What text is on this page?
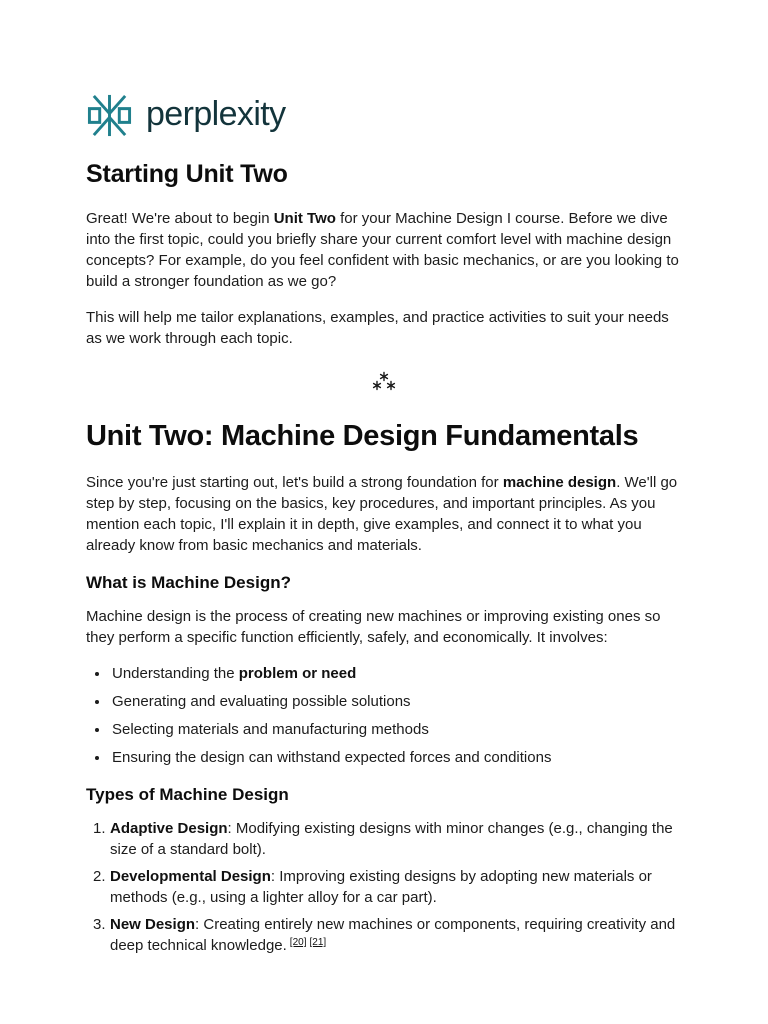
perplexity
Starting Unit Two

Great! We're about to begin Unit Two for your Machine Design I course. Before we dive into the first topic, could you briefly share your current comfort level with machine design concepts? For example, do you feel confident with basic mechanics, or are you looking to build a stronger foundation as we go?

This will help me tailor explanations, examples, and practice activities to suit your needs as we work through each topic.

Unit Two: Machine Design Fundamentals

Since you're just starting out, let's build a strong foundation for machine design. We'll go step by step, focusing on the basics, key procedures, and important principles. As you mention each topic, I'll explain it in depth, give examples, and connect it to what you already know from basic mechanics and materials.

What is Machine Design?

Machine design is the process of creating new machines or improving existing ones so they perform a specific function efficiently, safely, and economically. It involves:

• Understanding the problem or need
• Generating and evaluating possible solutions
• Selecting materials and manufacturing methods
• Ensuring the design can withstand expected forces and conditions
Types of Machine Design
1. Adaptive Design: Modifying existing designs with minor changes (e.g., changing the size of a standard bolt).
2. Developmental Design: Improving existing designs by adopting new materials or methods (e.g., using a lighter alloy for a car part).
3. New Design: Creating entirely new machines or components, requiring creativity and deep technical knowledge. [20] [21]
